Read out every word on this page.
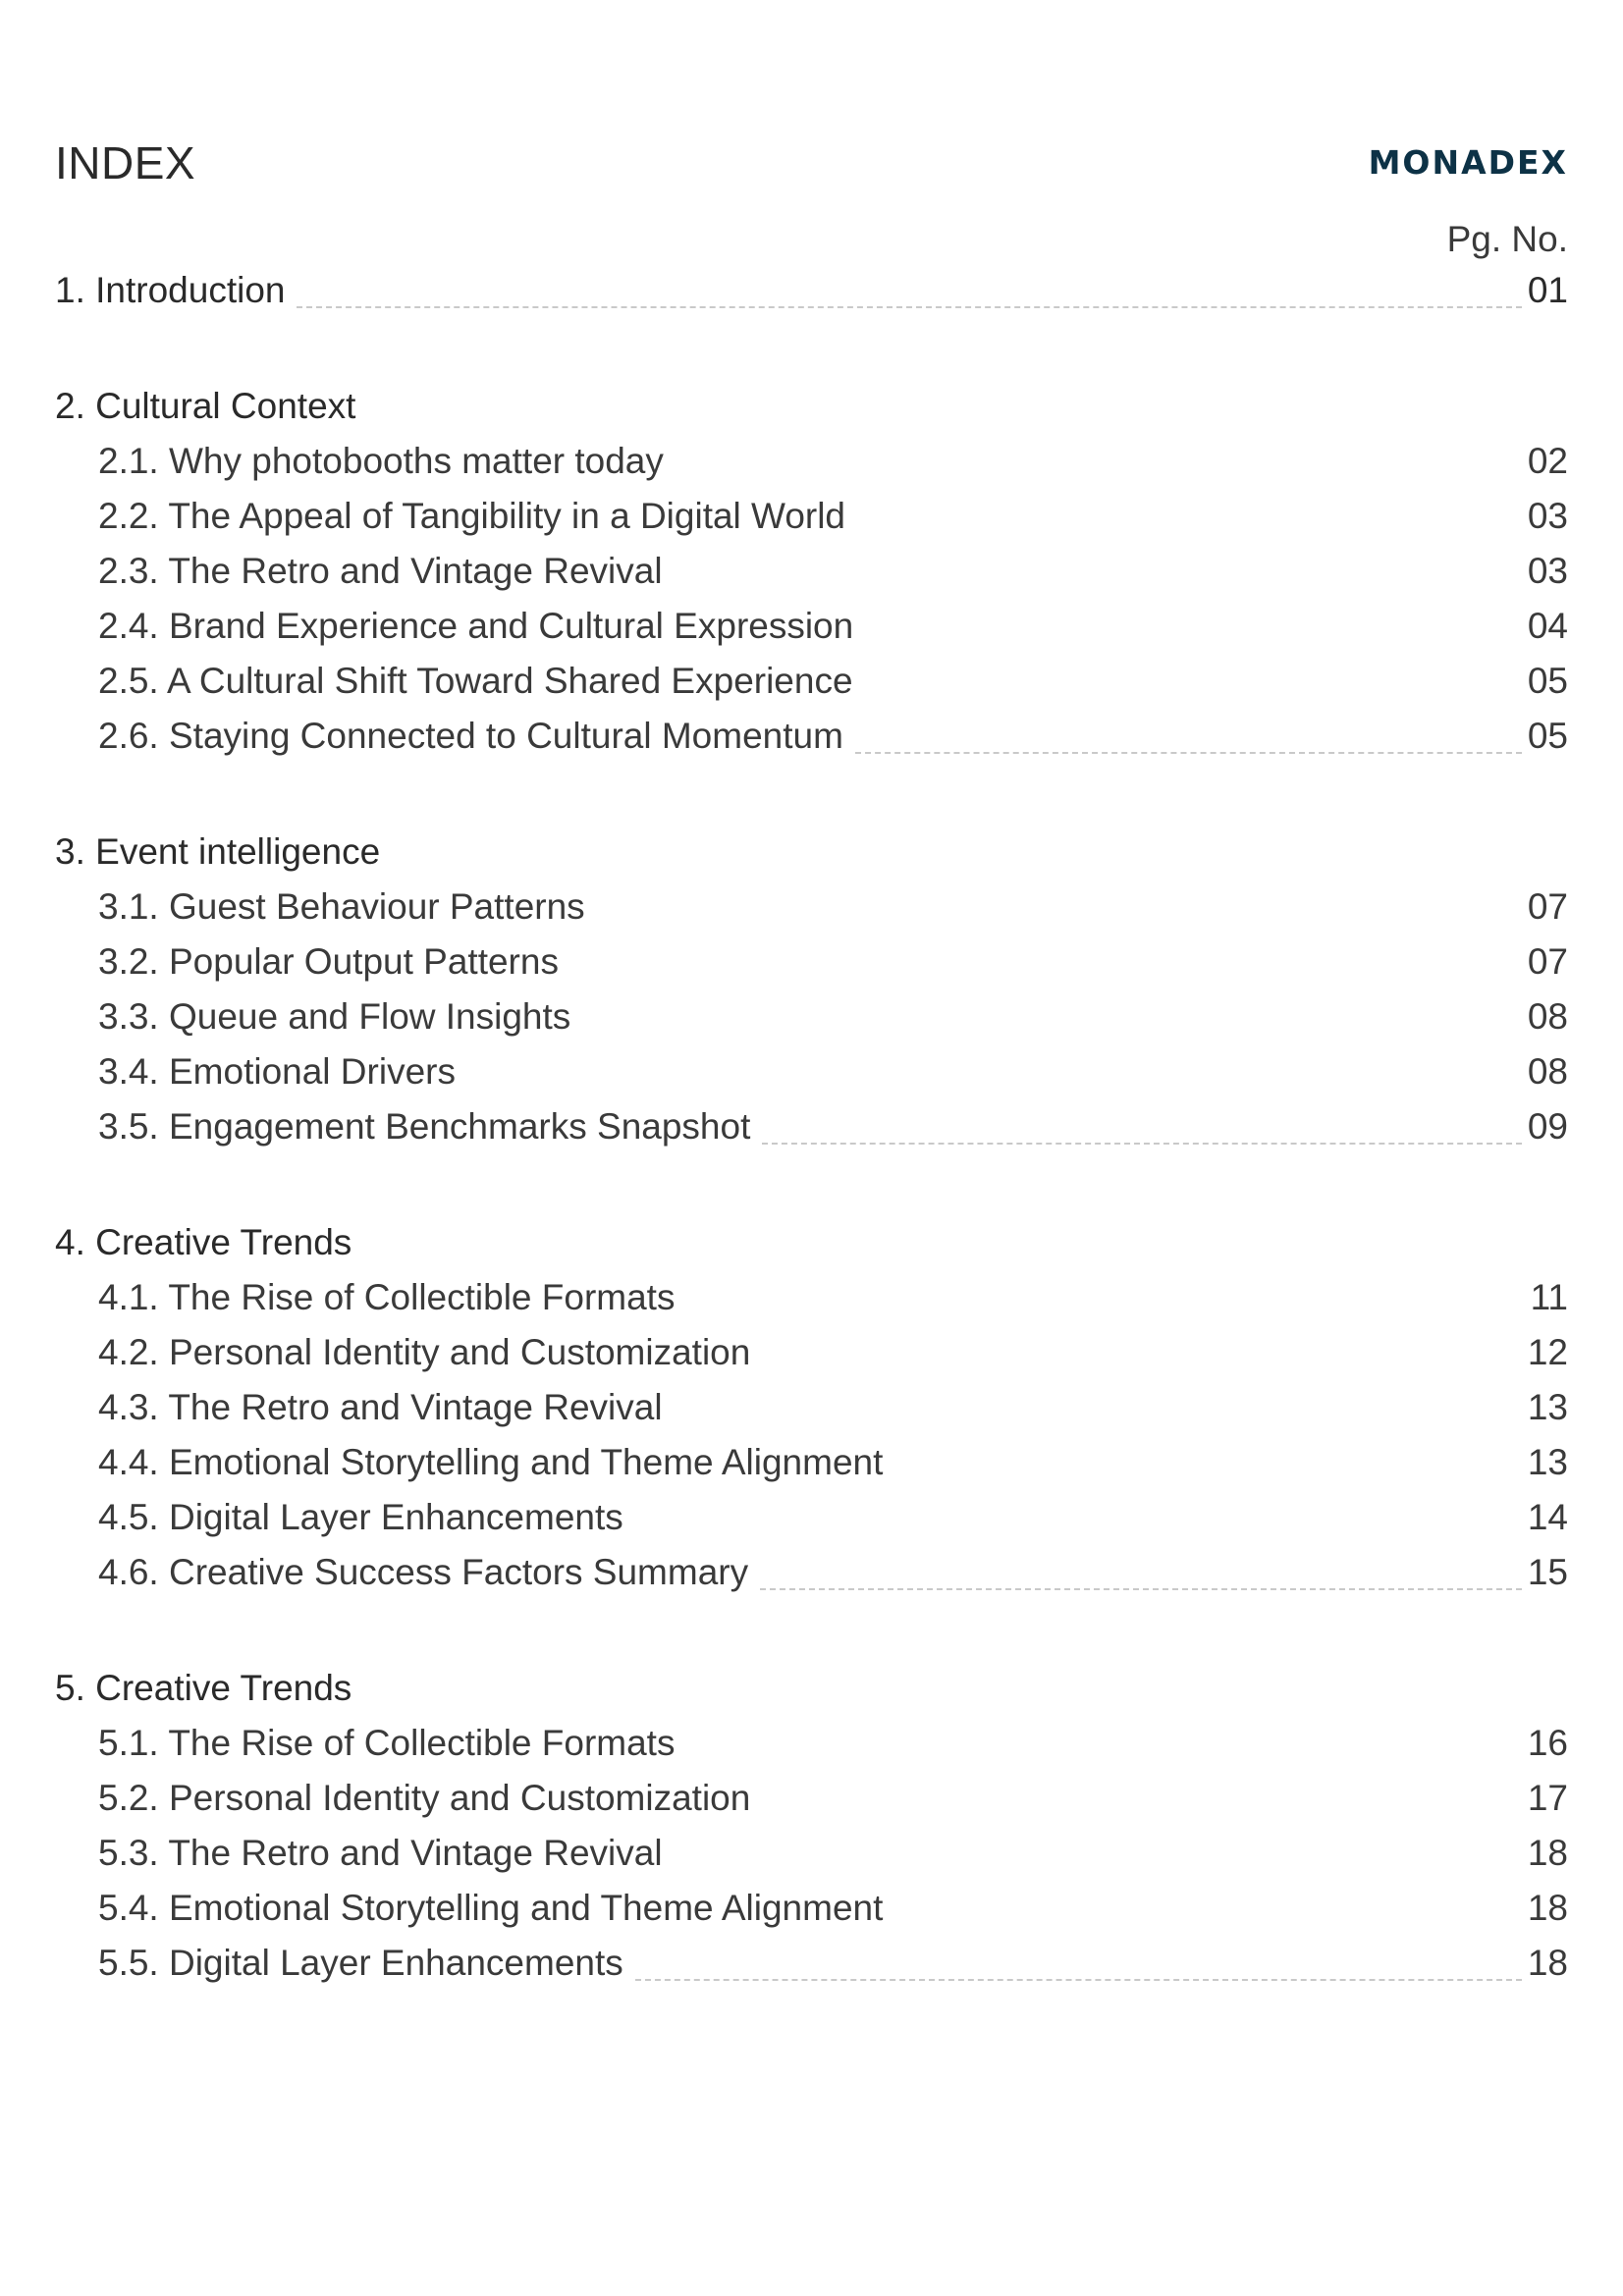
INDEX	MONADEX
Pg. No.
1. Introduction	01
2. Cultural Context
2.1. Why photobooths matter today	02
2.2. The Appeal of Tangibility in a Digital World	03
2.3. The Retro and Vintage Revival	03
2.4. Brand Experience and Cultural Expression	04
2.5. A Cultural Shift Toward Shared Experience	05
2.6. Staying Connected to Cultural Momentum	05
3. Event intelligence
3.1. Guest Behaviour Patterns	07
3.2. Popular Output Patterns	07
3.3. Queue and Flow Insights	08
3.4. Emotional Drivers	08
3.5. Engagement Benchmarks Snapshot	09
4. Creative Trends
4.1. The Rise of Collectible Formats	11
4.2. Personal Identity and Customization	12
4.3. The Retro and Vintage Revival	13
4.4. Emotional Storytelling and Theme Alignment	13
4.5. Digital Layer Enhancements	14
4.6. Creative Success Factors Summary	15
5. Creative Trends
5.1. The Rise of Collectible Formats	16
5.2. Personal Identity and Customization	17
5.3. The Retro and Vintage Revival	18
5.4. Emotional Storytelling and Theme Alignment	18
5.5. Digital Layer Enhancements	18
